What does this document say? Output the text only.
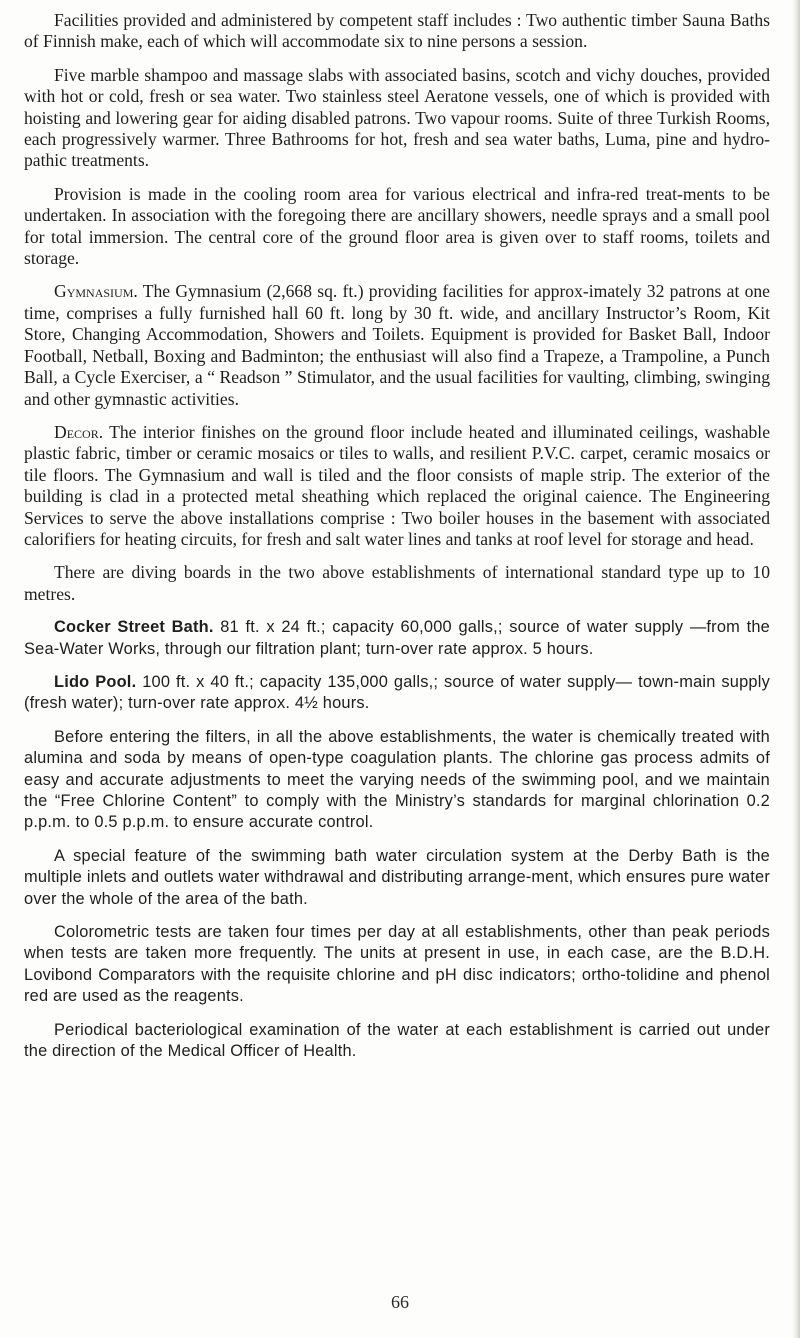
Facilities provided and administered by competent staff includes : Two authentic timber Sauna Baths of Finnish make, each of which will accommodate six to nine persons a session.

Five marble shampoo and massage slabs with associated basins, scotch and vichy douches, provided with hot or cold, fresh or sea water. Two stainless steel Aeratone vessels, one of which is provided with hoisting and lowering gear for aiding disabled patrons. Two vapour rooms. Suite of three Turkish Rooms, each progressively warmer. Three Bathrooms for hot, fresh and sea water baths, Luma, pine and hydro-pathic treatments.

Provision is made in the cooling room area for various electrical and infra-red treat-ments to be undertaken. In association with the foregoing there are ancillary showers, needle sprays and a small pool for total immersion. The central core of the ground floor area is given over to staff rooms, toilets and storage.

Gymnasium. The Gymnasium (2,668 sq. ft.) providing facilities for approx-imately 32 patrons at one time, comprises a fully furnished hall 60 ft. long by 30 ft. wide, and ancillary Instructor’s Room, Kit Store, Changing Accommodation, Showers and Toilets. Equipment is provided for Basket Ball, Indoor Football, Netball, Boxing and Badminton; the enthusiast will also find a Trapeze, a Trampoline, a Punch Ball, a Cycle Exerciser, a “ Readson ” Stimulator, and the usual facilities for vaulting, climbing, swinging and other gymnastic activities.

Decor. The interior finishes on the ground floor include heated and illuminated ceilings, washable plastic fabric, timber or ceramic mosaics or tiles to walls, and resilient P.V.C. carpet, ceramic mosaics or tile floors. The Gymnasium and wall is tiled and the floor consists of maple strip. The exterior of the building is clad in a protected metal sheathing which replaced the original caience. The Engineering Services to serve the above installations comprise : Two boiler houses in the basement with associated calorifiers for heating circuits, for fresh and salt water lines and tanks at roof level for storage and head.

There are diving boards in the two above establishments of international standard type up to 10 metres.

Cocker Street Bath. 81 ft. x 24 ft.; capacity 60,000 galls,; source of water supply —from the Sea-Water Works, through our filtration plant; turn-over rate approx. 5 hours.

Lido Pool. 100 ft. x 40 ft.; capacity 135,000 galls,; source of water supply— town-main supply (fresh water); turn-over rate approx. 4½ hours.

Before entering the filters, in all the above establishments, the water is chemically treated with alumina and soda by means of open-type coagulation plants. The chlorine gas process admits of easy and accurate adjustments to meet the varying needs of the swimming pool, and we maintain the “Free Chlorine Content” to comply with the Ministry’s standards for marginal chlorination 0.2 p.p.m. to 0.5 p.p.m. to ensure accurate control.

A special feature of the swimming bath water circulation system at the Derby Bath is the multiple inlets and outlets water withdrawal and distributing arrange-ment, which ensures pure water over the whole of the area of the bath.

Colorometric tests are taken four times per day at all establishments, other than peak periods when tests are taken more frequently. The units at present in use, in each case, are the B.D.H. Lovibond Comparators with the requisite chlorine and pH disc indicators; ortho-tolidine and phenol red are used as the reagents.

Periodical bacteriological examination of the water at each establishment is carried out under the direction of the Medical Officer of Health.

66
